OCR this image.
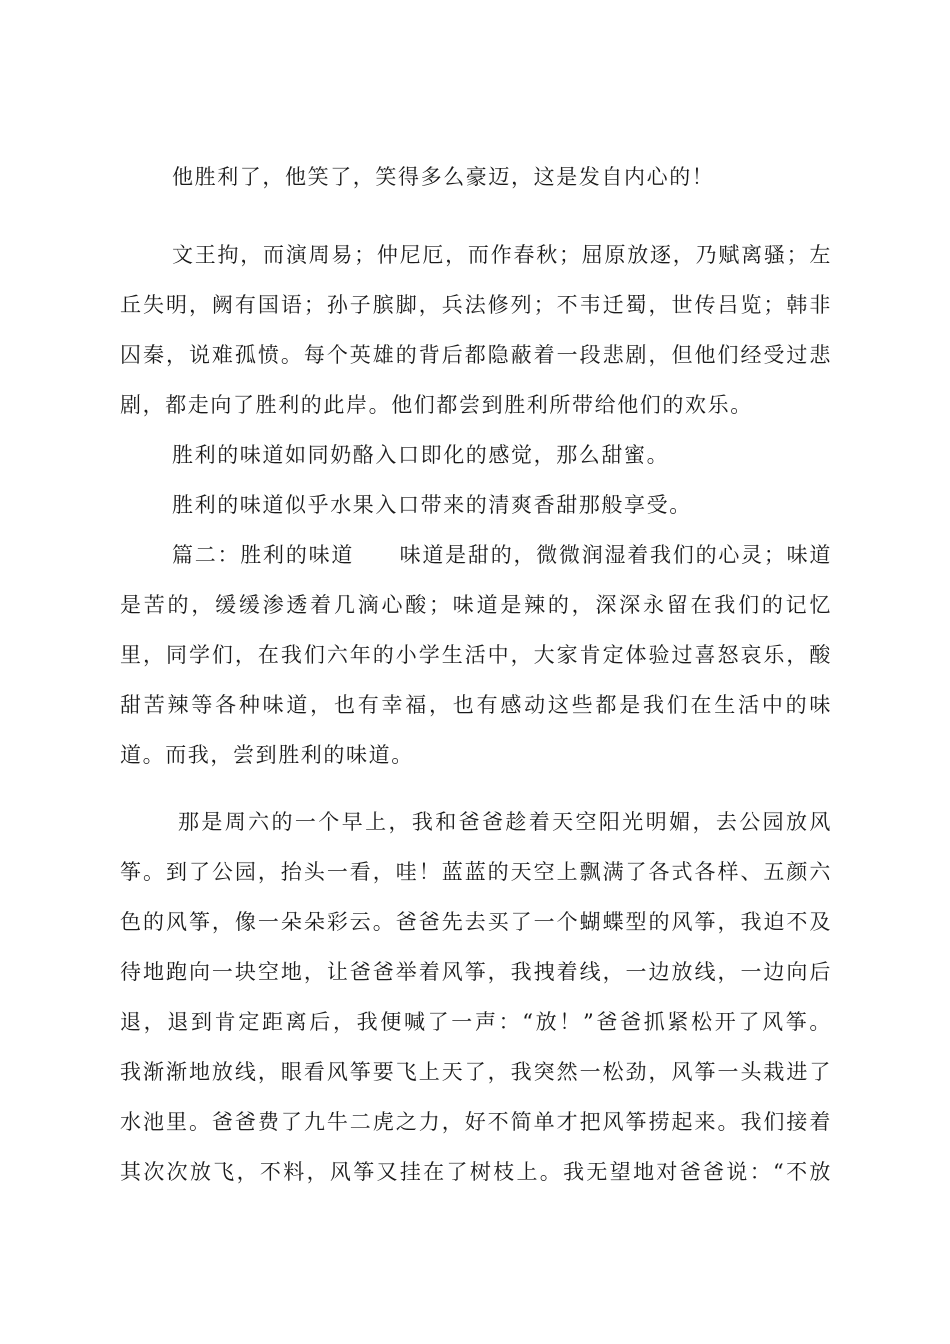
他胜利了，他笑了，笑得多么豪迈，这是发自内心的！
文王拘，而演周易；仲尼厄，而作春秋；屈原放逐，乃赋离骚；左
丘失明，阙有国语；孙子膑脚，兵法修列；不韦迁蜀，世传吕览；韩非
囚秦，说难孤愤。每个英雄的背后都隐蔽着一段悲剧，但他们经受过悲
剧，都走向了胜利的此岸。他们都尝到胜利所带给他们的欢乐。
胜利的味道如同奶酪入口即化的感觉，那么甜蜜。
胜利的味道似乎水果入口带来的清爽香甜那般享受。
篇二：胜利的味道　　味道是甜的，微微润湿着我们的心灵；味道
是苦的，缓缓渗透着几滴心酸；味道是辣的，深深永留在我们的记忆
里，同学们，在我们六年的小学生活中，大家肯定体验过喜怒哀乐，酸
甜苦辣等各种味道，也有幸福，也有感动这些都是我们在生活中的味
道。而我，尝到胜利的味道。
那是周六的一个早上，我和爸爸趁着天空阳光明媚，去公园放风
筝。到了公园，抬头一看，哇！蓝蓝的天空上飘满了各式各样、五颜六
色的风筝，像一朵朵彩云。爸爸先去买了一个蝴蝶型的风筝，我迫不及
待地跑向一块空地，让爸爸举着风筝，我拽着线，一边放线，一边向后
退，退到肯定距离后，我便喊了一声：“放！”爸爸抓紧松开了风筝。
我渐渐地放线，眼看风筝要飞上天了，我突然一松劲，风筝一头栽进了
水池里。爸爸费了九牛二虎之力，好不简单才把风筝捞起来。我们接着
其次次放飞，不料，风筝又挂在了树枝上。我无望地对爸爸说：“不放
